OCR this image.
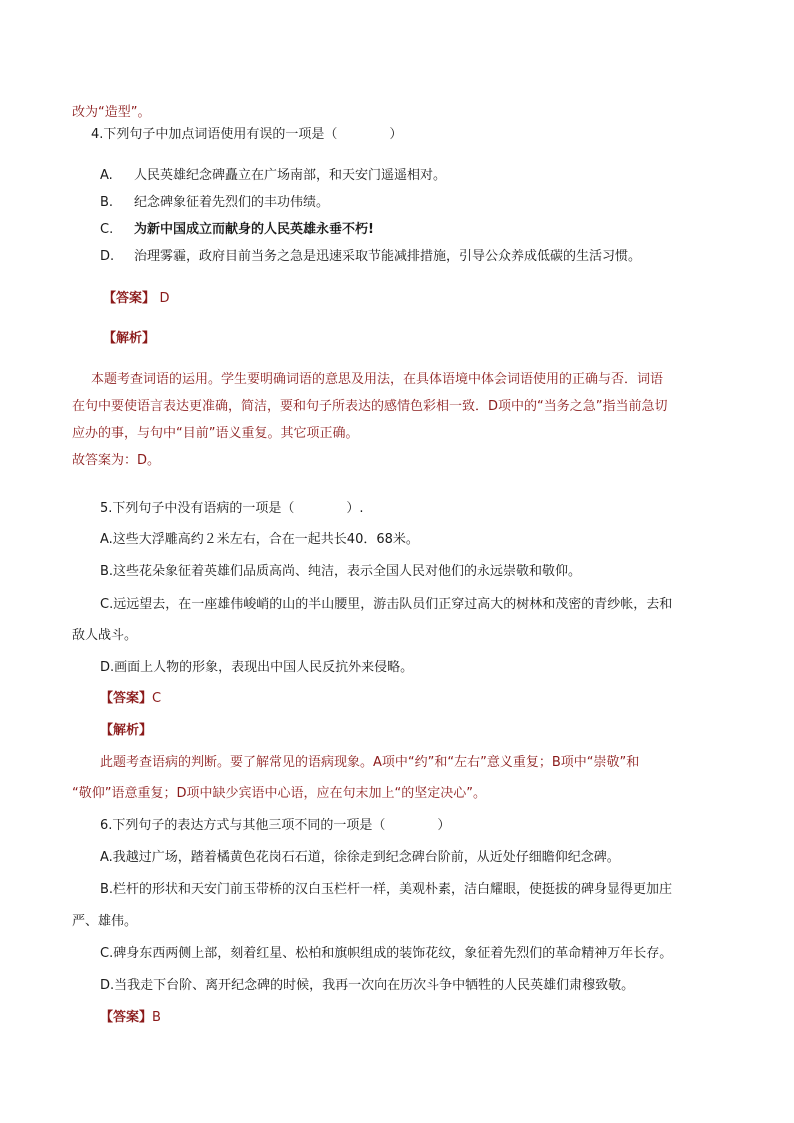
改为“造型”。
4.下列句子中加点词语使用有误的一项是（　　　　）
A. 人民英雄纪念碑矗立在广场南部，和天安门遥遥相对。
B. 纪念碑象征着先烈们的丰功伟绩。
C. 为新中国成立而献身的人民英雄永垂不朽!
D. 治理雾霾，政府目前当务之急是迅速采取节能减排措施，引导公众养成低碳的生活习惯。
【答案】 D
【解析】
本题考查词语的运用。学生要明确词语的意思及用法，在具体语境中体会词语使用的正确与否．词语
在句中要使语言表达更准确，简洁，要和句子所表达的感情色彩相一致．D项中的“当务之急”指当前急切
应办的事，与句中“目前”语义重复。其它项正确。
故答案为：D。
5.下列句子中没有语病的一项是（　　　　）.
A.这些大浮雕高约２米左右，合在一起共长40．68米。
B.这些花朵象征着英雄们品质高尚、纯洁，表示全国人民对他们的永远崇敬和敬仰。
C.远远望去，在一座雄伟峻峭的山的半山腰里，游击队员们正穿过高大的树林和茂密的青纱帐，去和
敌人战斗。
D.画面上人物的形象，表现出中国人民反抗外来侵略。
【答案】C
【解析】
此题考查语病的判断。要了解常见的语病现象。A项中“约”和“左右”意义重复；B项中“崇敬”和
“敬仰”语意重复；D项中缺少宾语中心语，应在句末加上“的坚定决心”。
6.下列句子的表达方式与其他三项不同的一项是（　　　　）
A.我越过广场，踏着橘黄色花岗石石道，徐徐走到纪念碑台阶前，从近处仔细瞻仰纪念碑。
B.栏杆的形状和天安门前玉带桥的汉白玉栏杆一样，美观朴素，洁白耀眼，使挺拔的碑身显得更加庄
严、雄伟。
C.碑身东西两侧上部，刻着红星、松柏和旗帜组成的装饰花纹，象征着先烈们的革命精神万年长存。
D.当我走下台阶、离开纪念碑的时候，我再一次向在历次斗争中牺牲的人民英雄们肃穆致敬。
【答案】B
